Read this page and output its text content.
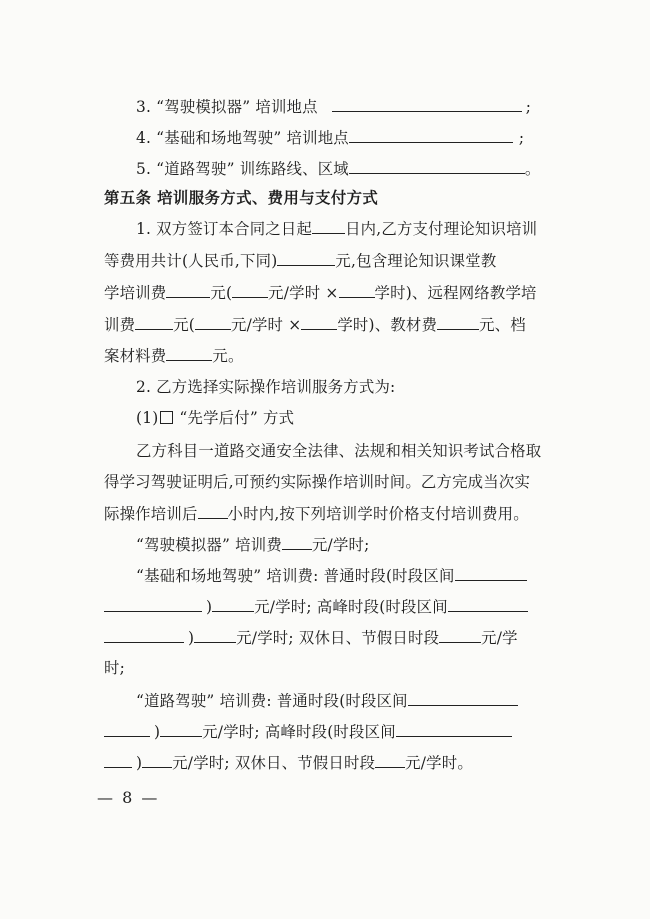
3. “驾驶模拟器” 培训地点	;
4. “基础和场地驾驶” 培训地点	;
5. “道路驾驶” 训练路线、区域	。
第五条 培训服务方式、费用与支付方式
1. 双方签订本合同之日起 日内,乙方支付理论知识培训
等费用共计(人民币,下同)	元,包含理论知识课堂教
学培训费	元( 元/学时 × 学时)、远程网络教学培
训费 元( 元/学时 × 学时)、教材费	元、档
案材料费	元。
2. 乙方选择实际操作培训服务方式为:
(1) “先学后付” 方式
乙方科目一道路交通安全法律、法规和相关知识考试合格取
得学习驾驶证明后,可预约实际操作培训时间。乙方完成当次实
际操作培训后 小时内,按下列培训学时价格支付培训费用。
“驾驶模拟器” 培训费 元/学时;
“基础和场地驾驶” 培训费: 普通时段(时段区间
)	元/学时; 高峰时段(时段区间
)	元/学时; 双休日、节假日时段	元/学
时;
“道路驾驶” 培训费: 普通时段(时段区间
)	元/学时; 高峰时段(时段区间
) 元/学时; 双休日、节假日时段 元/学时。
— 8 —
